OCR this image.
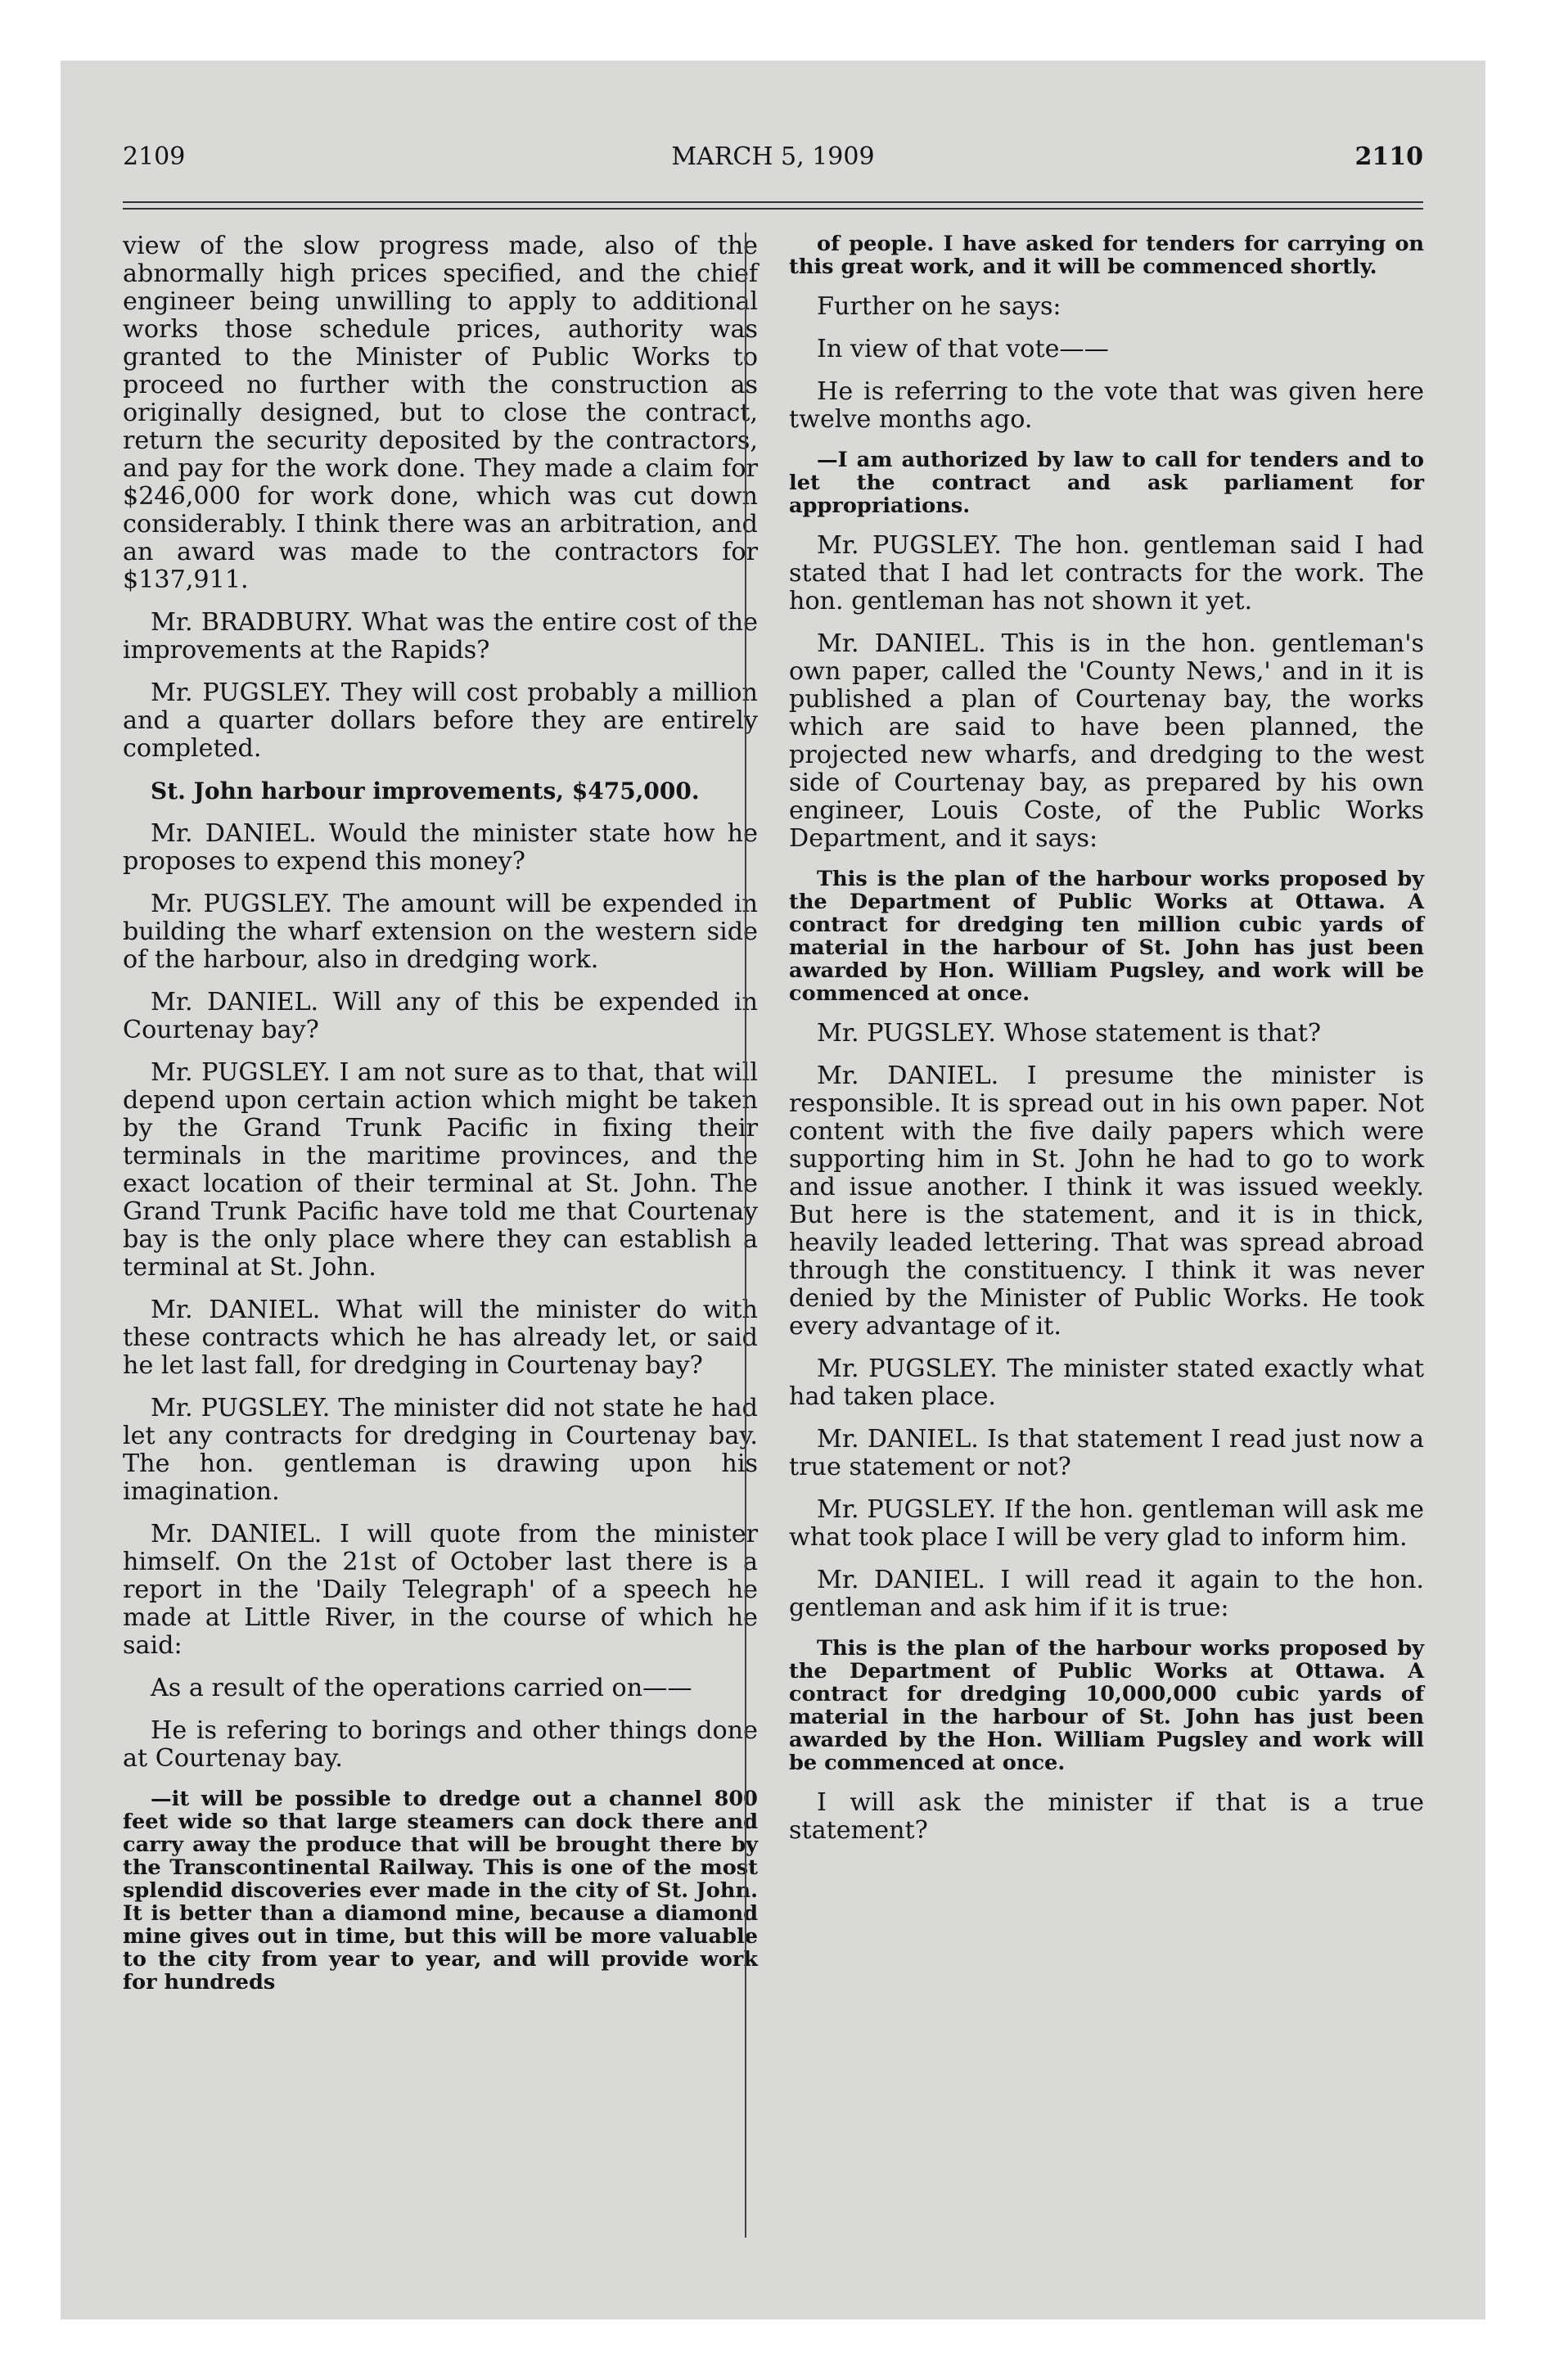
2109	MARCH 5, 1909	2110

view of the slow progress made, also of the abnormally high prices specified, and the chief engineer being unwilling to apply to additional works those schedule prices, authority was granted to the Minister of Public Works to proceed no further with the construction as originally designed, but to close the contract, return the security deposited by the contractors, and pay for the work done. They made a claim for $246,000 for work done, which was cut down considerably. I think there was an arbitration, and an award was made to the contractors for $137,911.

Mr. BRADBURY. What was the entire cost of the improvements at the Rapids?

Mr. PUGSLEY. They will cost probably a million and a quarter dollars before they are entirely completed.

St. John harbour improvements, $475,000.

Mr. DANIEL. Would the minister state how he proposes to expend this money?

Mr. PUGSLEY. The amount will be expended in building the wharf extension on the western side of the harbour, also in dredging work.

Mr. DANIEL. Will any of this be expended in Courtenay bay?

Mr. PUGSLEY. I am not sure as to that, that will depend upon certain action which might be taken by the Grand Trunk Pacific in fixing their terminals in the maritime provinces, and the exact location of their terminal at St. John. The Grand Trunk Pacific have told me that Courtenay bay is the only place where they can establish a terminal at St. John.

Mr. DANIEL. What will the minister do with these contracts which he has already let, or said he let last fall, for dredging in Courtenay bay?

Mr. PUGSLEY. The minister did not state he had let any contracts for dredging in Courtenay bay. The hon. gentleman is drawing upon his imagination.

Mr. DANIEL. I will quote from the minister himself. On the 21st of October last there is a report in the 'Daily Telegraph' of a speech he made at Little River, in the course of which he said:

As a result of the operations carried on——

He is refering to borings and other things done at Courtenay bay.

—it will be possible to dredge out a channel 800 feet wide so that large steamers can dock there and carry away the produce that will be brought there by the Transcontinental Railway. This is one of the most splendid discoveries ever made in the city of St. John. It is better than a diamond mine, because a diamond mine gives out in time, but this will be more valuable to the city from year to year, and will provide work for hundreds

of people. I have asked for tenders for carrying on this great work, and it will be commenced shortly.

Further on he says:

In view of that vote——

He is referring to the vote that was given here twelve months ago.

—I am authorized by law to call for tenders and to let the contract and ask parliament for appropriations.

Mr. PUGSLEY. The hon. gentleman said I had stated that I had let contracts for the work. The hon. gentleman has not shown it yet.

Mr. DANIEL. This is in the hon. gentleman's own paper, called the 'County News,' and in it is published a plan of Courtenay bay, the works which are said to have been planned, the projected new wharfs, and dredging to the west side of Courtenay bay, as prepared by his own engineer, Louis Coste, of the Public Works Department, and it says:

This is the plan of the harbour works proposed by the Department of Public Works at Ottawa. A contract for dredging ten million cubic yards of material in the harbour of St. John has just been awarded by Hon. William Pugsley, and work will be commenced at once.

Mr. PUGSLEY. Whose statement is that?

Mr. DANIEL. I presume the minister is responsible. It is spread out in his own paper. Not content with the five daily papers which were supporting him in St. John he had to go to work and issue another. I think it was issued weekly. But here is the statement, and it is in thick, heavily leaded lettering. That was spread abroad through the constituency. I think it was never denied by the Minister of Public Works. He took every advantage of it.

Mr. PUGSLEY. The minister stated exactly what had taken place.

Mr. DANIEL. Is that statement I read just now a true statement or not?

Mr. PUGSLEY. If the hon. gentleman will ask me what took place I will be very glad to inform him.

Mr. DANIEL. I will read it again to the hon. gentleman and ask him if it is true:

This is the plan of the harbour works proposed by the Department of Public Works at Ottawa. A contract for dredging 10,000,000 cubic yards of material in the harbour of St. John has just been awarded by the Hon. William Pugsley and work will be commenced at once.

I will ask the minister if that is a true statement?
